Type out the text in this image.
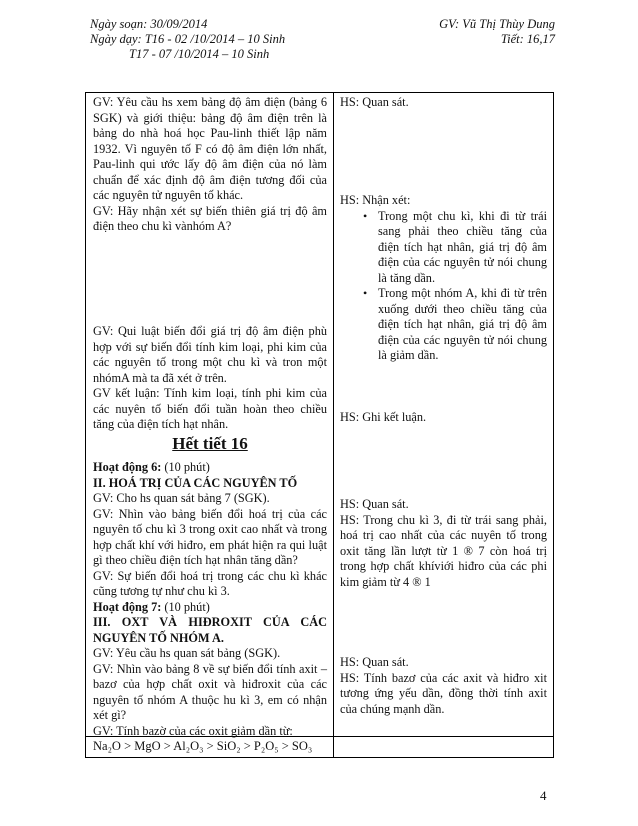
Ngày soạn: 30/09/2014
Ngày dạy: T16 - 02 /10/2014 – 10 Sinh
T17 - 07 /10/2014 – 10 Sinh
GV: Vũ Thị Thùy Dung
Tiết: 16,17

GV: Yêu cầu hs xem bảng độ âm điện (bảng 6 SGK) và giới thiệu: bảng độ âm điện trên là bảng do nhà hoá học Pau-linh thiết lập năm 1932. Vì nguyên tố F có độ âm điện lớn nhất, Pau-linh qui ước lấy độ âm điện của nó làm chuẩn để xác định độ âm điện tương đối của các nguyên tử nguyên tố khác.

GV: Hãy nhận xét sự biến thiên giá trị độ âm điện theo chu kì vànhóm A?

GV: Qui luật biến đổi giá trị độ âm điện phù hợp với sự biến đổi tính kim loại, phi kim của các nguyên tố trong một chu kì và tron một nhómA mà ta đã xét ở trên.

GV kết luận: Tính kim loại, tính phi kim của các nuyên tố biến đổi tuần hoàn theo chiều tăng của điện tích hạt nhân.

Hết tiết 16

Hoạt động 6: (10 phút)

II. HOÁ TRỊ CỦA CÁC NGUYÊN TỐ

GV: Cho hs quan sát bảng 7 (SGK).

GV: Nhìn vào bảng biến đổi hoá trị của các nguyên tố chu kì 3 trong oxit cao nhất và trong hợp chất khí với hiđro, em phát hiện ra qui luật gì theo chiều điện tích hạt nhân tăng dần?

GV: Sự biến đổi hoá trị trong các chu kì khác cũng tương tự như chu kì 3.

Hoạt động 7: (10 phút)

III. OXT VÀ HIĐROXIT CỦA CÁC NGUYÊN TỐ NHÓM A.

GV: Yêu cầu hs quan sát bảng (SGK).

GV: Nhìn vào bảng 8 về sự biến đổi tính axit – bazơ của hợp chất oxit và hiđroxit của các nguyên tố nhóm A thuộc hu kì 3, em có nhận xét gì?

GV: Tính bazờ của các oxit giảm dần từ:

HS: Quan sát.

HS: Nhận xét:

• Trong một chu kì, khi đi từ trái sang phải theo chiều tăng của điện tích hạt nhân, giá trị độ âm điện của các nguyên tử nói chung là tăng dần.
• Trong một nhóm A, khi đi từ trên xuống dưới theo chiều tăng của điện tích hạt nhân, giá trị độ âm điện của các nguyên tử nói chung là giảm dần.
HS: Ghi kết luận.

HS: Quan sát.

HS: Trong chu kì 3, đi từ trái sang phải, hoá trị cao nhất của các nuyên tố trong oxit tăng lần lượt từ 1 ® 7 còn hoá trị trong hợp chất khíviới hiđro của các phi kim giảm từ 4 ® 1

HS: Quan sát.

HS: Tính bazơ của các axit và hiđro xit tương ứng yếu dần, đồng thời tính axit của chúng mạnh dần.

Na₂O > MgO > Al₂O₃ > SiO₂ > P₂O₅ > SO₃
4
